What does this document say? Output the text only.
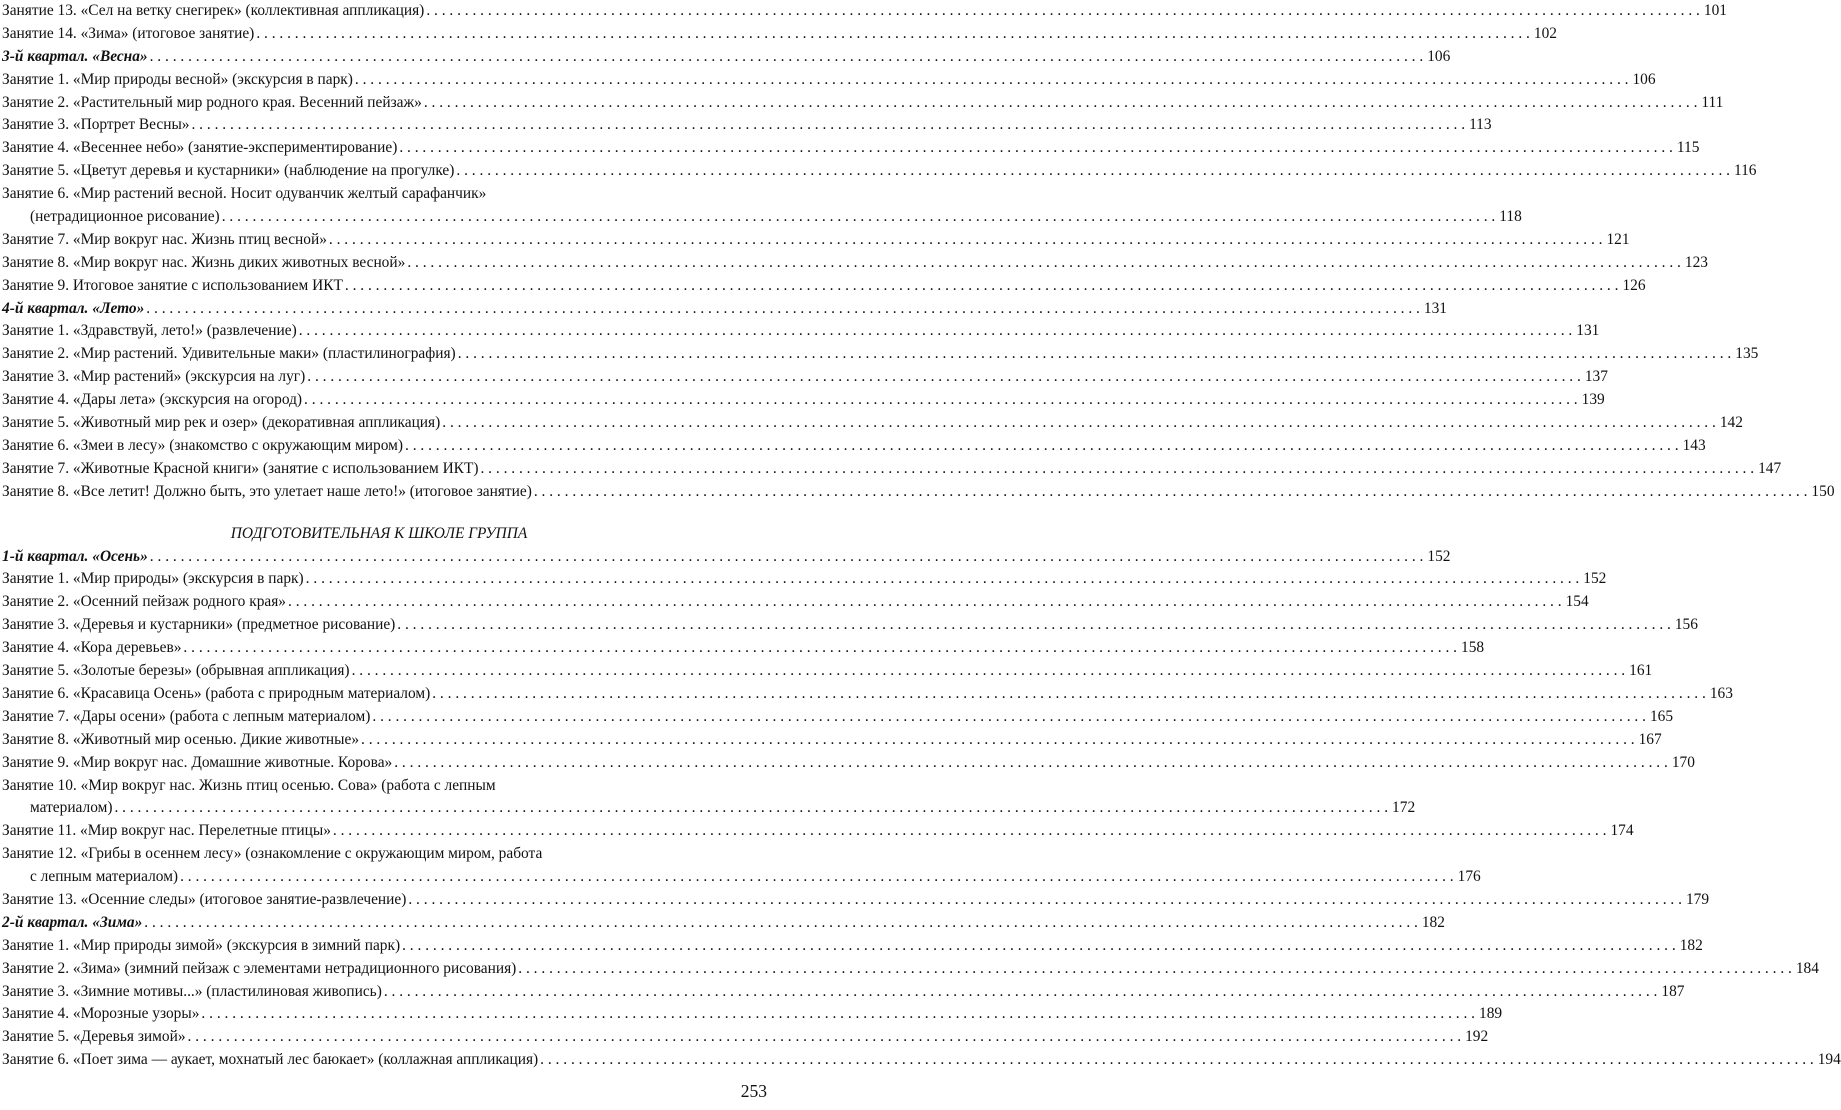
Занятие 13. «Сел на ветку снегирек» (коллективная аппликация) . . .	101
Занятие 14. «Зима» (итоговое занятие) . . .	102
3-й квартал. «Весна» . . .	106
Занятие 1. «Мир природы весной» (экскурсия в парк) . . .	106
Занятие 2. «Растительный мир родного края. Весенний пейзаж» . . .	111
Занятие 3. «Портрет Весны» . . .	113
Занятие 4. «Весеннее небо» (занятие-экспериментирование) . . .	115
Занятие 5. «Цветут деревья и кустарники» (наблюдение на прогулке) . . .	116
Занятие 6. «Мир растений весной. Носит одуванчик желтый сарафанчик»
(нетрадиционное рисование) . . .	118
Занятие 7. «Мир вокруг нас. Жизнь птиц весной» . . .	121
Занятие 8. «Мир вокруг нас. Жизнь диких животных весной» . . .	123
Занятие 9. Итоговое занятие с использованием ИКТ . . .	126
4-й квартал. «Лето» . . .	131
Занятие 1. «Здравствуй, лето!» (развлечение) . . .	131
Занятие 2. «Мир растений. Удивительные маки» (пластилинография) . . .	135
Занятие 3. «Мир растений» (экскурсия на луг) . . .	137
Занятие 4. «Дары лета» (экскурсия на огород) . . .	139
Занятие 5. «Животный мир рек и озер» (декоративная аппликация) . . .	142
Занятие 6. «Змеи в лесу» (знакомство с окружающим миром) . . .	143
Занятие 7. «Животные Красной книги» (занятие с использованием ИКТ) . . .	147
Занятие 8. «Все летит! Должно быть, это улетает наше лето!» (итоговое занятие) . . .	150
ПОДГОТОВИТЕЛЬНАЯ К ШКОЛЕ ГРУППА
1-й квартал. «Осень» . . .	152
Занятие 1. «Мир природы» (экскурсия в парк) . . .	152
Занятие 2. «Осенний пейзаж родного края» . . .	154
Занятие 3. «Деревья и кустарники» (предметное рисование) . . .	156
Занятие 4. «Кора деревьев» . . .	158
Занятие 5. «Золотые березы» (обрывная аппликация) . . .	161
Занятие 6. «Красавица Осень» (работа с природным материалом) . . .	163
Занятие 7. «Дары осени» (работа с лепным материалом) . . .	165
Занятие 8. «Животный мир осенью. Дикие животные» . . .	167
Занятие 9. «Мир вокруг нас. Домашние животные. Корова» . . .	170
Занятие 10. «Мир вокруг нас. Жизнь птиц осенью. Сова» (работа с лепным
материалом) . . .	172
Занятие 11. «Мир вокруг нас. Перелетные птицы» . . .	174
Занятие 12. «Грибы в осеннем лесу» (ознакомление с окружающим миром, работа
с лепным материалом) . . .	176
Занятие 13. «Осенние следы» (итоговое занятие-развлечение) . . .	179
2-й квартал. «Зима» . . .	182
Занятие 1. «Мир природы зимой» (экскурсия в зимний парк) . . .	182
Занятие 2. «Зима» (зимний пейзаж с элементами нетрадиционного рисования) . . .	184
Занятие 3. «Зимние мотивы...» (пластилиновая живопись) . . .	187
Занятие 4. «Морозные узоры» . . .	189
Занятие 5. «Деревья зимой» . . .	192
Занятие 6. «Поет зима — аукает, мохнатый лес баюкает» (коллажная аппликация) . . .	194
253
